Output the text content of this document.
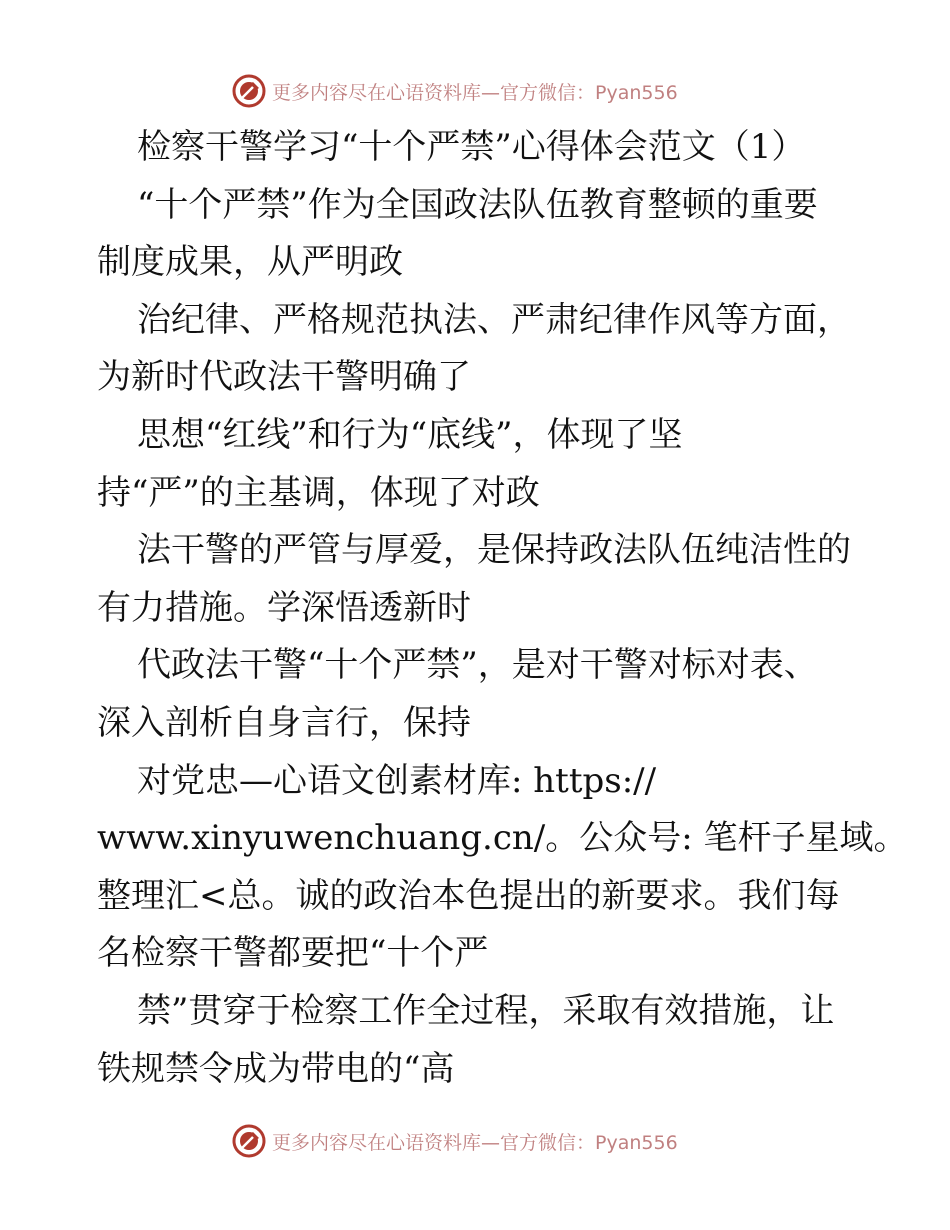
更多内容尽在心语资料库—官方微信：Pyan556
检察干警学习“十个严禁”心得体会范文（1）
“十个严禁”作为全国政法队伍教育整顿的重要
制度成果，从严明政
治纪律、严格规范执法、严肃纪律作风等方面，
为新时代政法干警明确了
思想“红线”和行为“底线”，体现了坚
持“严”的主基调，体现了对政
法干警的严管与厚爱，是保持政法队伍纯洁性的
有力措施。学深悟透新时
代政法干警“十个严禁”，是对干警对标对表、
深入剖析自身言行，保持
对党忠—心语文创素材库: https://
www.xinyuwenchuang.cn/。公众号: 笔杆子星域。
整理汇<总。诚的政治本色提出的新要求。我们每
名检察干警都要把“十个严
禁”贯穿于检察工作全过程，采取有效措施，让
铁规禁令成为带电的“高
更多内容尽在心语资料库—官方微信：Pyan556
